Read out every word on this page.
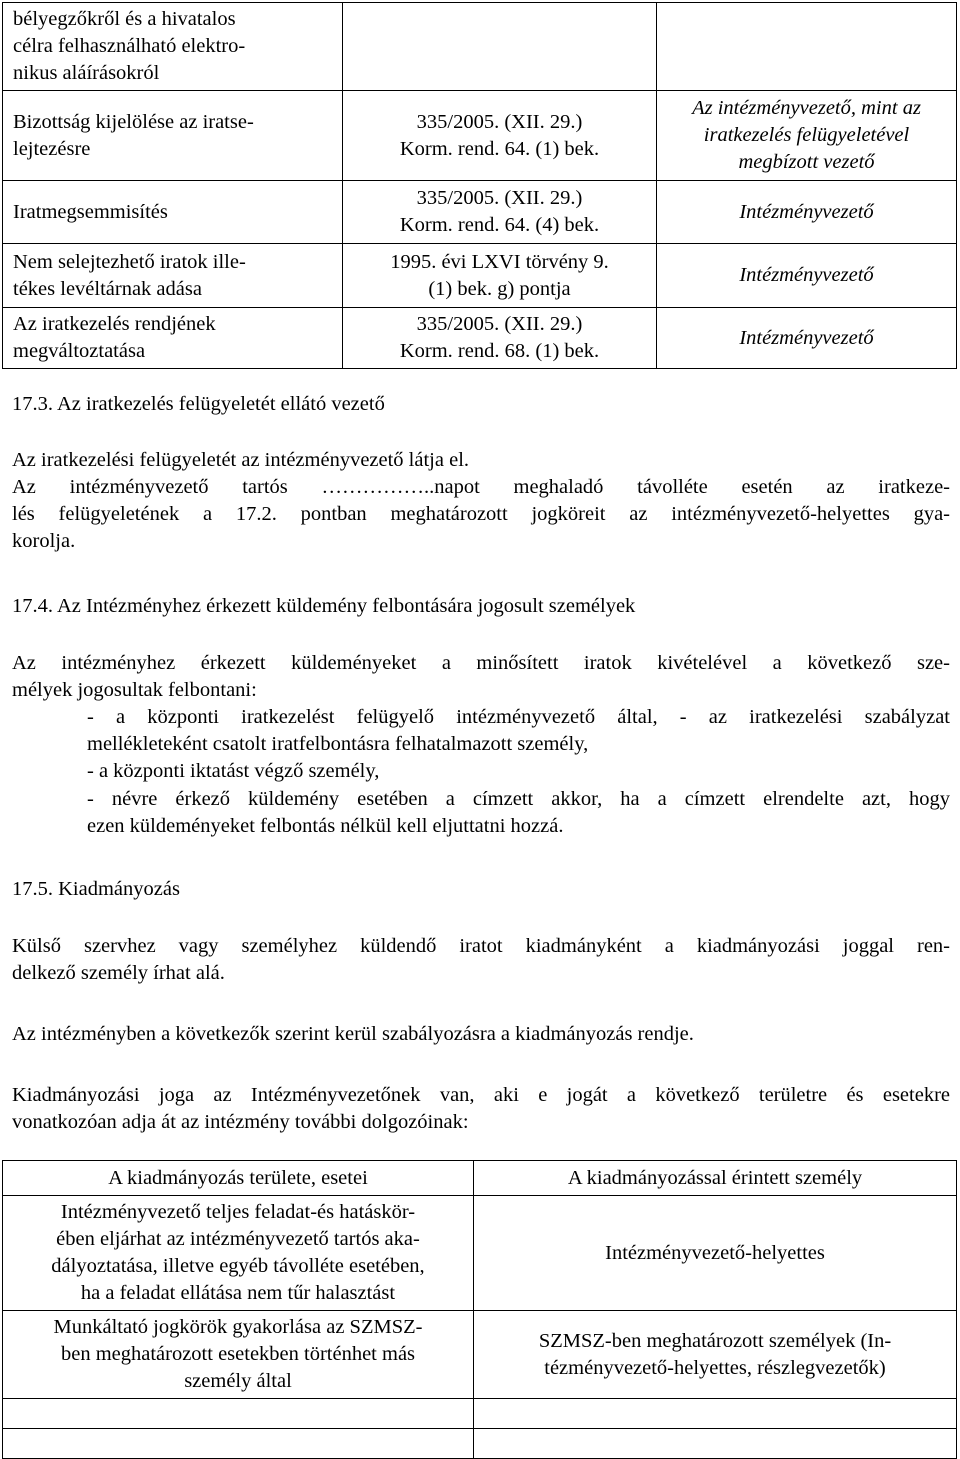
bélyegzőkről és a hivatalos
célra felhasználható elektro-
nikus aláírásokról		

Bizottság kijelölése az iratse-
lejtezésre	335/2005. (XII. 29.)
Korm. rend. 64. (1) bek.	Az intézményvezető, mint az
iratkezelés felügyeletével
megbízott vezető

Iratmegsemmisítés	335/2005. (XII. 29.)
Korm. rend. 64. (4) bek.	Intézményvezető

Nem selejtezhető iratok ille-
tékes levéltárnak adása	1995. évi LXVI törvény 9.
(1) bek. g) pontja	Intézményvezető

Az iratkezelés rendjének
megváltoztatása	335/2005. (XII. 29.)
Korm. rend. 68. (1) bek.	Intézményvezető

17.3. Az iratkezelés felügyeletét ellátó vezető

Az iratkezelési felügyeletét az intézményvezető látja el.

Az intézményvezető tartós ……………..napot meghaladó távolléte esetén az iratkeze-

lés felügyeletének a 17.2. pontban meghatározott jogköreit az intézményvezető-helyettes gya-

korolja.

17.4. Az Intézményhez érkezett küldemény felbontására jogosult személyek

Az intézményhez érkezett küldeményeket a minősített iratok kivételével a következő sze-

mélyek jogosultak felbontani:

- a központi iratkezelést felügyelő intézményvezető által, - az iratkezelési szabályzat

mellékleteként csatolt iratfelbontásra felhatalmazott személy,

- a központi iktatást végző személy,

- névre érkező küldemény esetében a címzett akkor, ha a címzett elrendelte azt, hogy

ezen küldeményeket felbontás nélkül kell eljuttatni hozzá.

17.5. Kiadmányozás

Külső szervhez vagy személyhez küldendő iratot kiadmányként a kiadmányozási joggal ren-

delkező személy írhat alá.

Az intézményben a következők szerint kerül szabályozásra a kiadmányozás rendje.

Kiadmányozási joga az Intézményvezetőnek van, aki e jogát a következő területre és esetekre

vonatkozóan adja át az intézmény további dolgozóinak:

A kiadmányozás területe, esetei	A kiadmányozással érintett személy

Intézményvezető teljes feladat-és hatáskör-
ében eljárhat az intézményvezető tartós aka-
dályoztatása, illetve egyéb távolléte esetében,
ha a feladat ellátása nem tűr halasztást	Intézményvezető-helyettes

Munkáltató jogkörök gyakorlása az SZMSZ-
ben meghatározott esetekben történhet más
személy által	SZMSZ-ben meghatározott személyek (In-
tézményvezető-helyettes, részlegvezetők)
